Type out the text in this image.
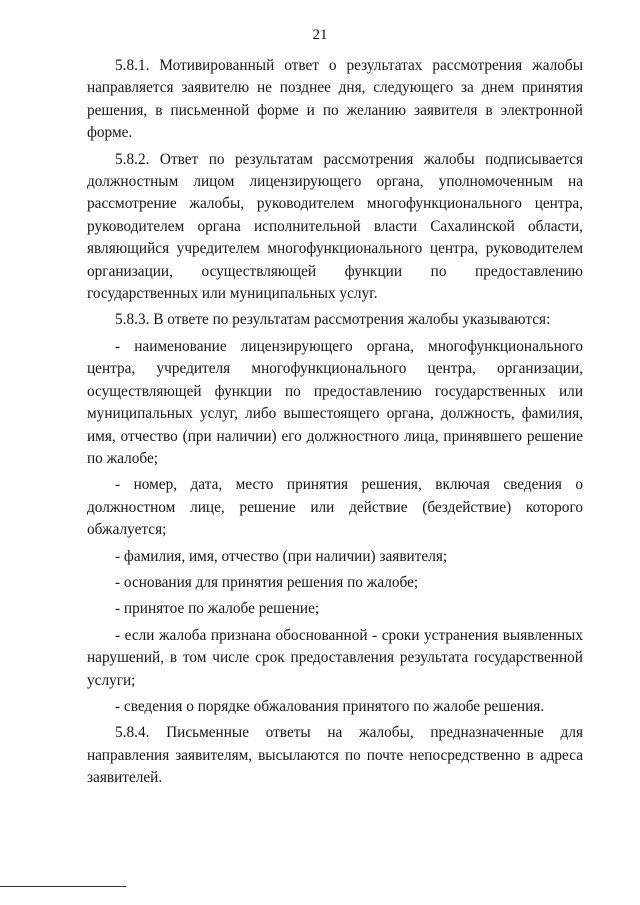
21

5.8.1. Мотивированный ответ о результатах рассмотрения жалобы направляется заявителю не позднее дня, следующего за днем принятия решения, в письменной форме и по желанию заявителя в электронной форме.

5.8.2. Ответ по результатам рассмотрения жалобы подписывается должностным лицом лицензирующего органа, уполномоченным на рассмотрение жалобы, руководителем многофункционального центра, руководителем органа исполнительной власти Сахалинской области, являющийся учредителем многофункционального центра, руководителем организации, осуществляющей функции по предоставлению государственных или муниципальных услуг.

5.8.3. В ответе по результатам рассмотрения жалобы указываются:

- наименование лицензирующего органа, многофункционального центра, учредителя многофункционального центра, организации, осуществляющей функции по предоставлению государственных или муниципальных услуг, либо вышестоящего органа, должность, фамилия, имя, отчество (при наличии) его должностного лица, принявшего решение по жалобе;

- номер, дата, место принятия решения, включая сведения о должностном лице, решение или действие (бездействие) которого обжалуется;

- фамилия, имя, отчество (при наличии) заявителя;

- основания для принятия решения по жалобе;

- принятое по жалобе решение;

- если жалоба признана обоснованной - сроки устранения выявленных нарушений, в том числе срок предоставления результата государственной услуги;

- сведения о порядке обжалования принятого по жалобе решения.

5.8.4. Письменные ответы на жалобы, предназначенные для направления заявителям, высылаются по почте непосредственно в адреса заявителей.
